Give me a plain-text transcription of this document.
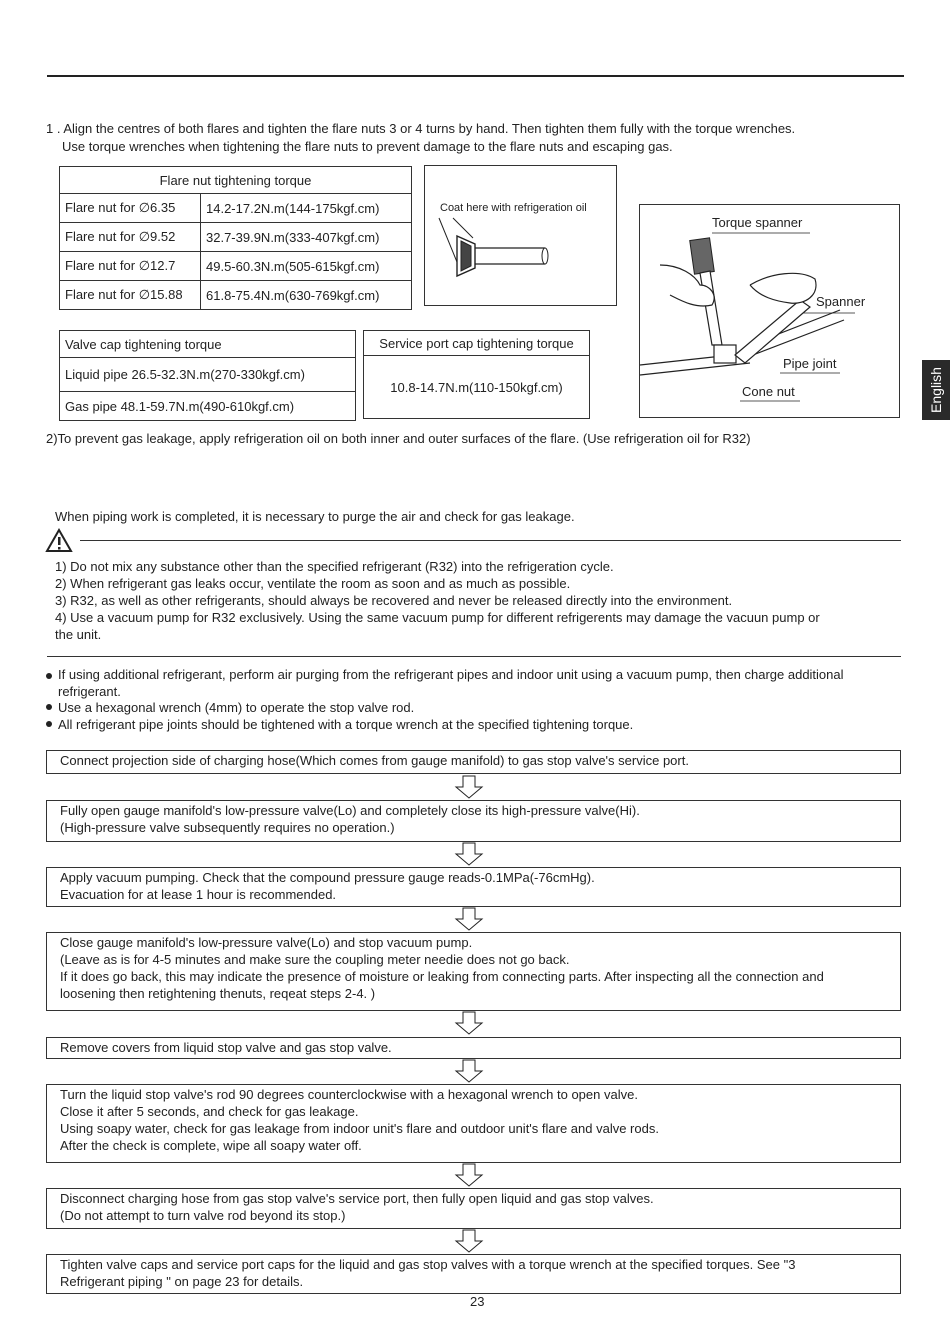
1 . Align the centres of both flares and tighten the flare nuts 3 or 4 turns by hand. Then tighten them fully with the torque wrenches.
Use torque wrenches when tightening the flare nuts to prevent damage to the flare nuts and escaping gas.
Flare nut tightening torque	
Flare nut for ∅6.35	14.2-17.2N.m(144-175kgf.cm)
Flare nut for ∅9.52	32.7-39.9N.m(333-407kgf.cm)
Flare nut for ∅12.7	49.5-60.3N.m(505-615kgf.cm)
Flare nut for ∅15.88	61.8-75.4N.m(630-769kgf.cm)
Coat here with refrigeration oil
Torque spanner
Spanner
Pipe joint
Cone nut
Valve cap tightening torque
Liquid pipe 26.5-32.3N.m(270-330kgf.cm)
Gas pipe 48.1-59.7N.m(490-610kgf.cm)
Service port cap tightening torque
10.8-14.7N.m(110-150kgf.cm)
2)To prevent gas leakage, apply refrigeration oil on both inner and outer surfaces of the flare. (Use refrigeration oil for R32)
When piping work is completed, it is necessary to purge the air and check for gas leakage.
1) Do not mix any substance other than the specified refrigerant (R32) into the refrigeration cycle.
2) When refrigerant gas leaks occur, ventilate the room as soon and as much as possible.
3) R32, as well as other refrigerants, should always be recovered and never be released directly into the environment.
4) Use a vacuum pump for R32 exclusively. Using the same vacuum pump for different refrigerents may damage the vacuun pump or
the unit.
If using additional refrigerant, perform air purging from the refrigerant pipes and indoor unit using a vacuum pump, then charge additional
refrigerant.
Use a hexagonal wrench (4mm) to operate the stop valve rod.
All refrigerant pipe joints should be tightened with a torque wrench at the specified tightening torque.
Connect projection side of charging hose(Which comes from gauge manifold) to gas stop valve's service port.
Fully open gauge manifold's low-pressure valve(Lo) and completely close its high-pressure valve(Hi).
(High-pressure valve subsequently requires no operation.)
Apply vacuum pumping. Check that the compound pressure gauge reads-0.1MPa(-76cmHg).
Evacuation for at lease 1 hour is recommended.
Close gauge manifold's low-pressure valve(Lo) and stop vacuum pump.
(Leave as is for 4-5 minutes and make sure the coupling meter needie does not go back.
If it does go back, this may indicate the presence of moisture or leaking from connecting parts. After inspecting all the connection and
loosening then retightening thenuts, reqeat steps 2-4. )
Remove covers from liquid stop valve and gas stop valve.
Turn the liquid stop valve's rod 90 degrees counterclockwise with a hexagonal wrench to open valve.
Close it after 5 seconds, and check for gas leakage.
Using soapy water, check for gas leakage from indoor unit's flare and outdoor unit's flare and valve rods.
After the check is complete, wipe all soapy water off.
Disconnect charging hose from gas stop valve's service port, then fully open liquid and gas stop valves.
(Do not attempt to turn valve rod beyond its stop.)
Tighten valve caps and service port caps for the liquid and gas stop valves with a torque wrench at the specified torques. See "3
Refrigerant piping " on page 23 for details.
23
English
